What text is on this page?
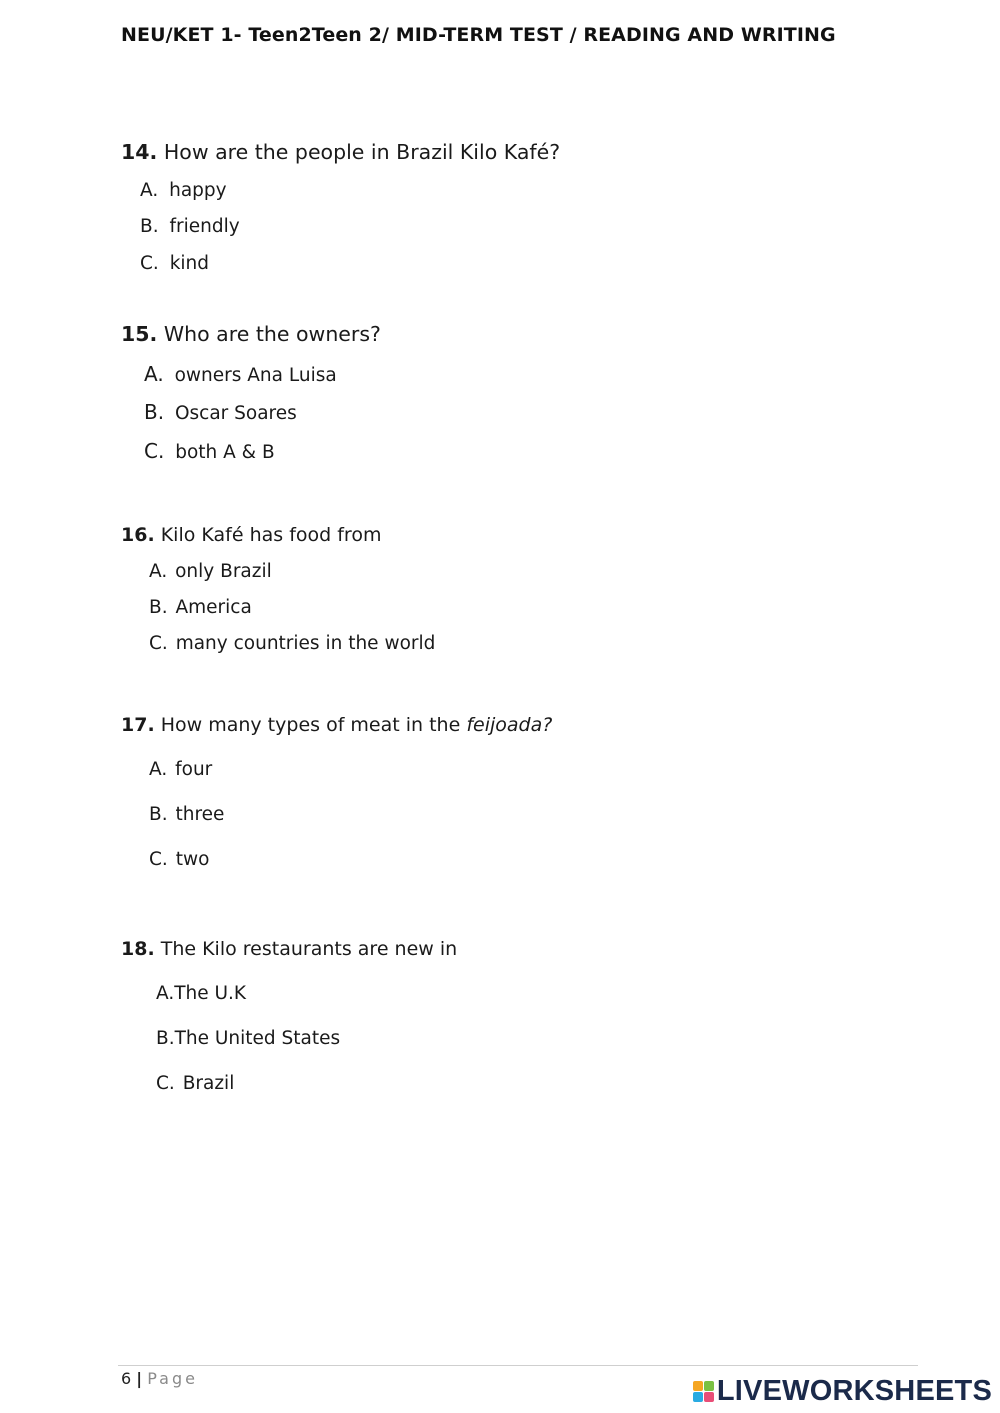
NEU/KET 1- Teen2Teen 2/ MID-TERM TEST / READING AND WRITING
14. How are the people in Brazil Kilo Kafé?
A. happy
B. friendly
C. kind
15. Who are the owners?
A. owners Ana Luisa
B. Oscar Soares
C. both A & B
16. Kilo Kafé has food from
A. only Brazil
B. America
C. many countries in the world
17. How many types of meat in the feijoada?
A. four
B. three
C. two
18. The Kilo restaurants are new in
A.The U.K
B.The United States
C. Brazil
6 | Page	LIVEWORKSHEETS
